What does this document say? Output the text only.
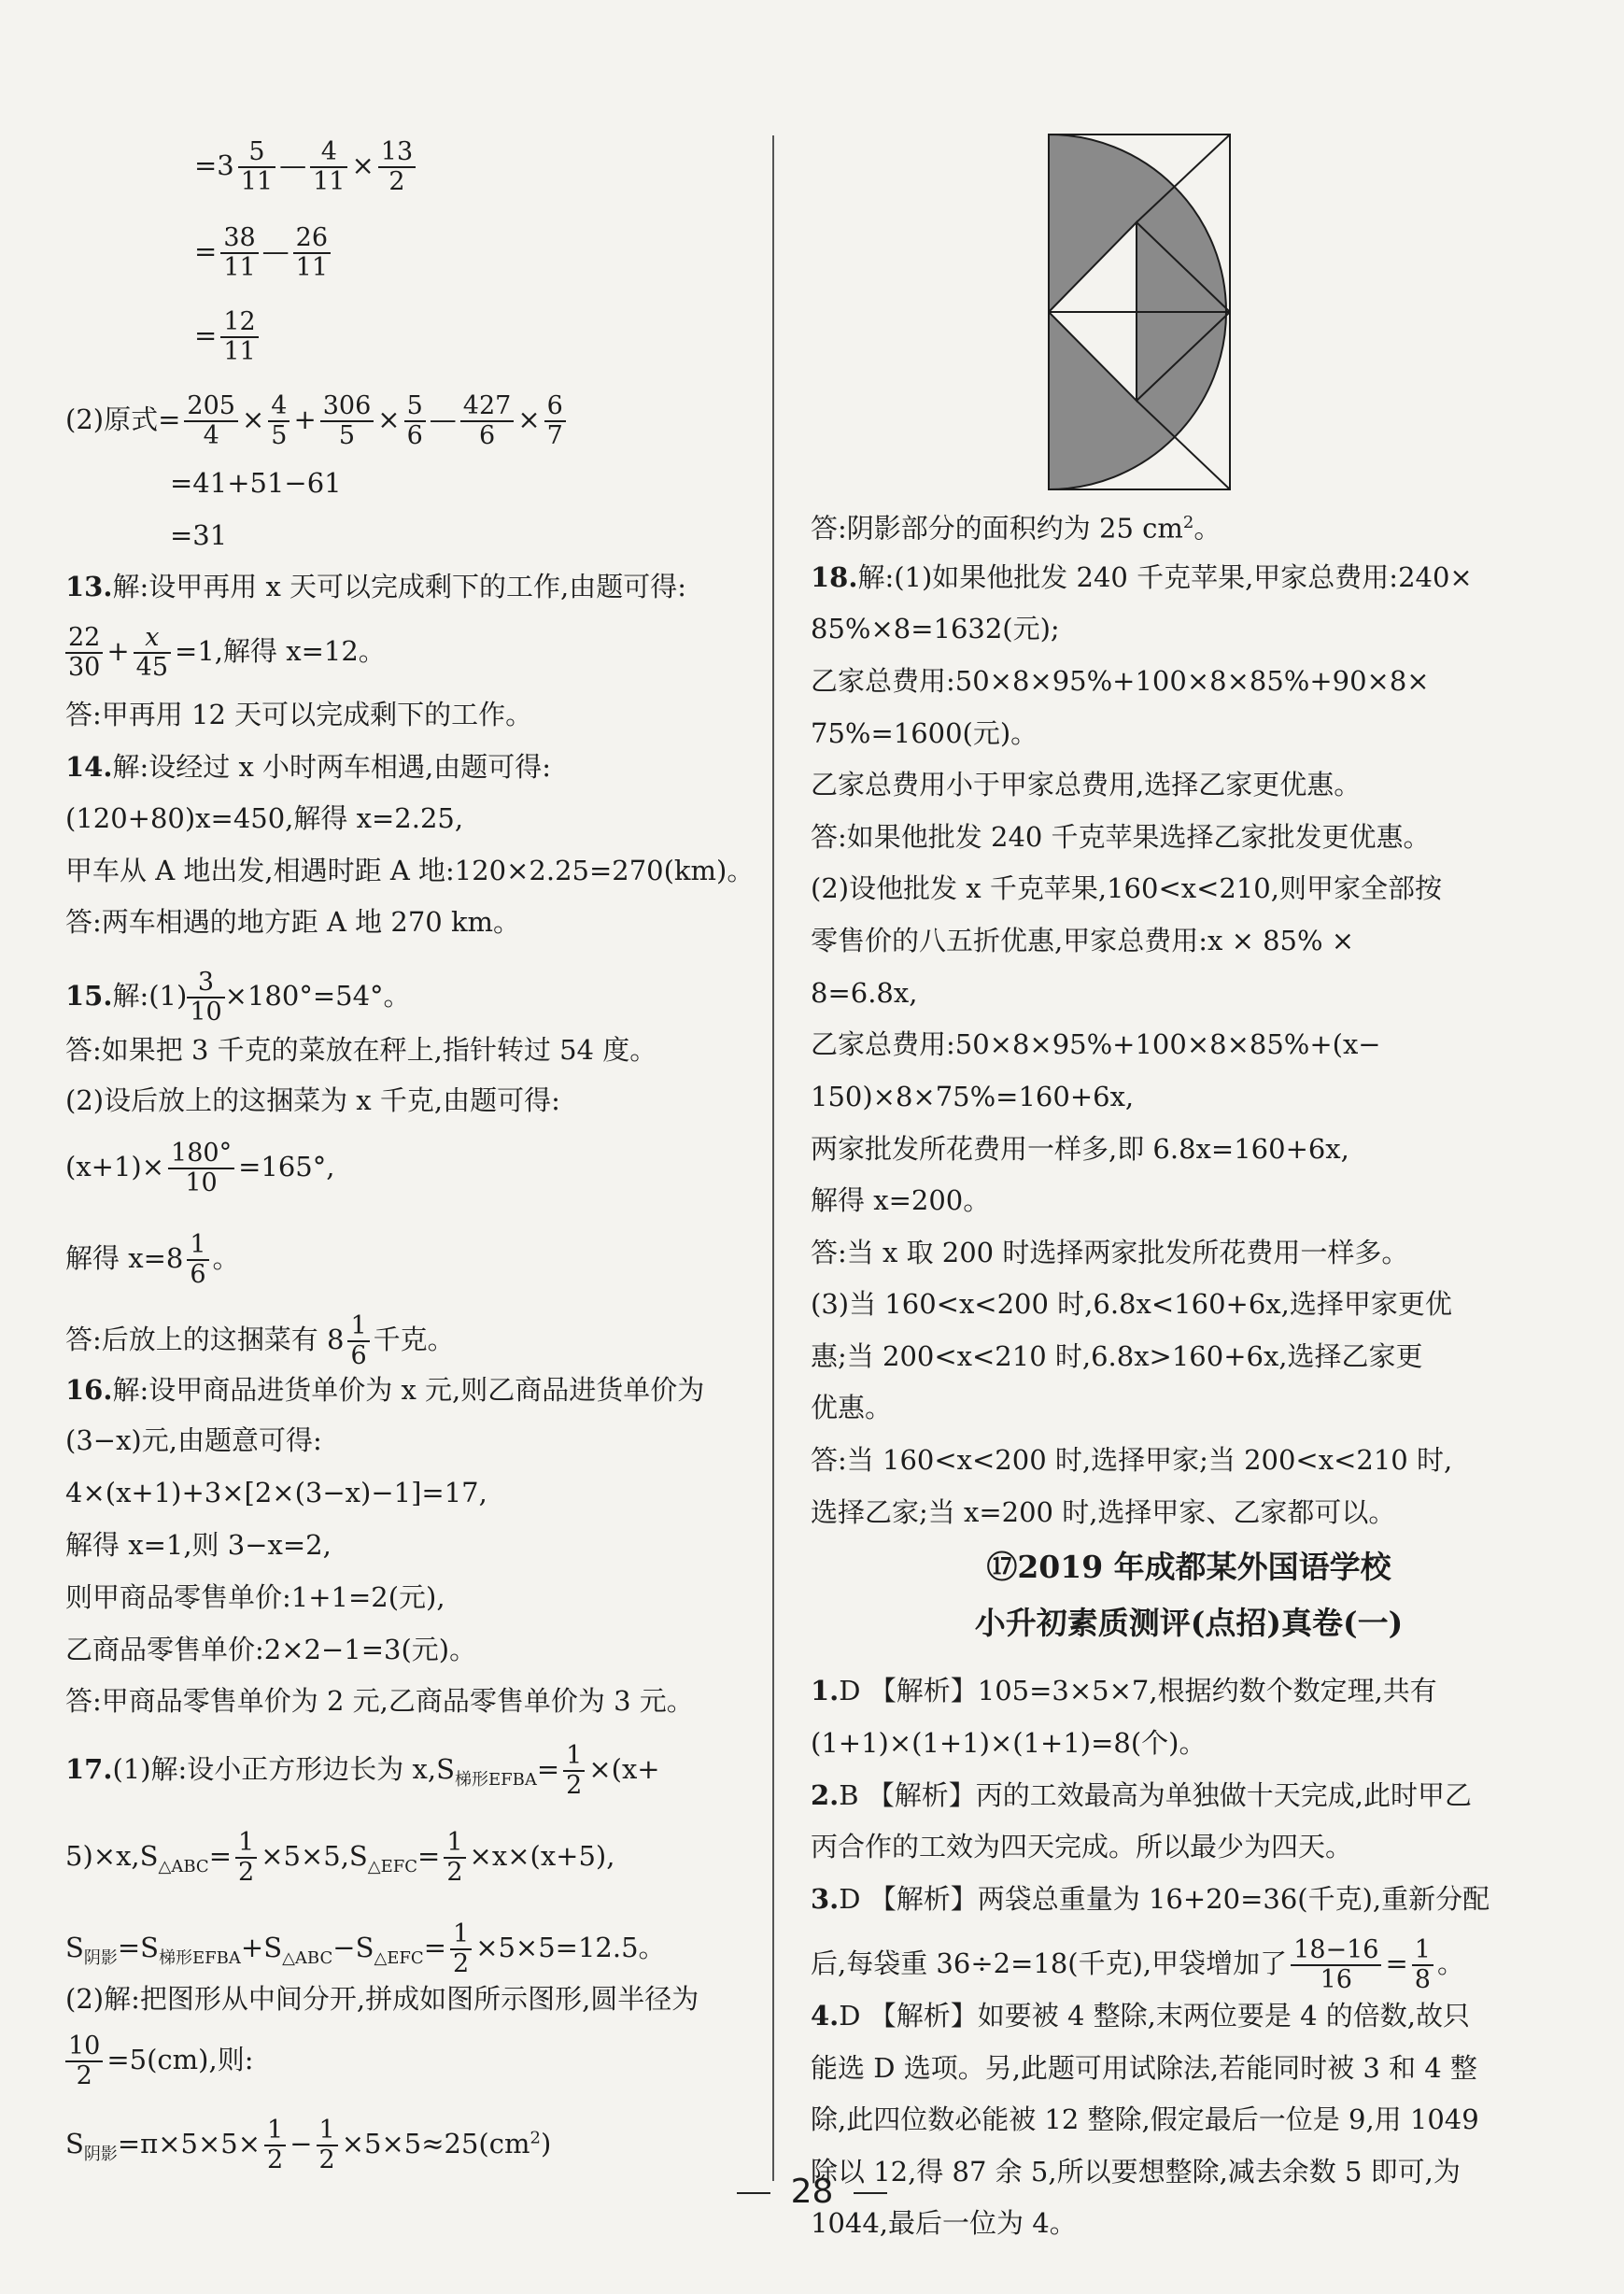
$=3 \frac{5}{11}$ — $\frac{4}{11} \times \frac{13}{2}$
= $\frac{38}{11}$ — $\frac{26}{11}$
= $\frac{12}{11}$
(2)原式= $\frac{205}{4} \times \frac{4}{5} + \frac{306}{5} \times \frac{5}{6}$ — $\frac{427}{6} \times \frac{6}{7}$
=41+51−61
=31
13.解:设甲再用 x 天可以完成剩下的工作,由题可得:
$\frac{22}{30} + \frac{x}{45} =1$,解得 x=12。
答:甲再用 12 天可以完成剩下的工作。
14.解:设经过 x 小时两车相遇,由题可得:
(120+80)x=450,解得 x=2.25,
甲车从 A 地出发,相遇时距 A 地:120×2.25=270(km)。
答:两车相遇的地方距 A 地 270 km。
15.解:(1) $\frac{3}{10} \times 180^\circ=54^\circ$。
答:如果把 3 千克的菜放在秤上,指针转过 54 度。
(2)设后放上的这捆菜为 x 千克,由题可得:
$(x+1)\times \frac{180^\circ}{10} =165^\circ$,
解得 $x=8 \frac{1}{6}$ 。
答:后放上的这捆菜有 $8 \frac{1}{6}$ 千克。
16.解:设甲商品进货单价为 x 元,则乙商品进货单价为
(3−x)元,由题意可得:
4×(x+1)+3×[2×(3−x)−1]=17,
解得 x=1,则 3−x=2,
则甲商品零售单价:1+1=2(元),
乙商品零售单价:2×2−1=3(元)。
答:甲商品零售单价为 2 元,乙商品零售单价为 3 元。
17.(1)解:设小正方形边长为 $x,S_{梯形EFBA}= \frac{1}{2} \times(x+$
$5)\times x,S_{\triangle ABC}= \frac{1}{2} \times 5\times 5,S_{\triangle EFC}= \frac{1}{2} \times x\times(x+5)$,
$S_{阴影}=S_{梯形EFBA}+S_{\triangle ABC}-S_{\triangle EFC}= \frac{1}{2} \times 5\times 5=12.5$。
(2)解:把图形从中间分开,拼成如图所示图形,圆半径为
$\frac{10}{2} =5(cm)$,则:
$S_{阴影}=\pi\times 5\times 5\times \frac{1}{2} - \frac{1}{2} \times 5\times 5\approx 25(cm^2)$
答:阴影部分的面积约为 25 $cm^2$。
18.解:(1)如果他批发 240 千克苹果,甲家总费用:240×
85%×8=1632(元);
乙家总费用:50×8×95%+100×8×85%+90×8×
75%=1600(元)。
乙家总费用小于甲家总费用,选择乙家更优惠。
答:如果他批发 240 千克苹果选择乙家批发更优惠。
(2)设他批发 x 千克苹果,160<x<210,则甲家全部按
零售价的八五折优惠,甲家总费用:x × 85% ×
8=6.8x,
乙家总费用:50×8×95%+100×8×85%+(x−
150)×8×75%=160+6x,
两家批发所花费用一样多,即 6.8x=160+6x,
解得 x=200。
答:当 x 取 200 时选择两家批发所花费用一样多。
(3)当 160<x<200 时,6.8x<160+6x,选择甲家更优
惠;当 200<x<210 时,6.8x>160+6x,选择乙家更
优惠。
答:当 160<x<200 时,选择甲家;当 200<x<210 时,
选择乙家;当 x=200 时,选择甲家、乙家都可以。
⑰2019 年成都某外国语学校
小升初素质测评(点招)真卷(一)
1.D 【解析】105=3×5×7,根据约数个数定理,共有
(1+1)×(1+1)×(1+1)=8(个)。
2.B 【解析】丙的工效最高为单独做十天完成,此时甲乙
丙合作的工效为四天完成。所以最少为四天。
3.D 【解析】两袋总重量为 16+20=36(千克),重新分配
后,每袋重 36÷2=18(千克),甲袋增加了 $\frac{18-16}{16} = \frac{1}{8}$ 。
4.D 【解析】如要被 4 整除,末两位要是 4 的倍数,故只
能选 D 选项。另,此题可用试除法,若能同时被 3 和 4 整
除,此四位数必能被 12 整除,假定最后一位是 9,用 1049
除以 12,得 87 余 5,所以要想整除,减去余数 5 即可,为
1044,最后一位为 4。
28
